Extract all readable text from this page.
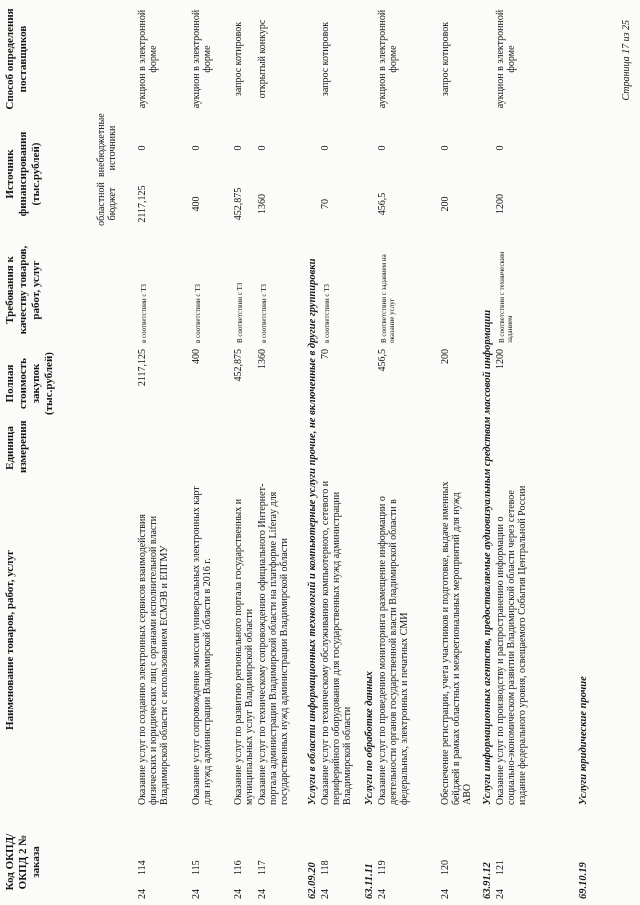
Код ОКПД/ ОКПД 2 № заказа
Наименование товаров, работ, услуг
Единица измерения
Полная стоимость закупок (тыс.рублей)
Требования к качеству товаров, работ, услуг
Источник финансирования (тыс.рублей)	областной бюджет
внебюджетные источники
Способ определения поставщиков
24
114
Оказание услуг по созданию электронных сервисов взаимодействия физических и юридических лиц с органами исполнительной власти Владимирской области с использованием ЕСМЭВ и ЕПГМУ
2117,125
в соответствии с ТЗ
2117,125
0
аукцион в электронной форме
24
115
Оказание услуг сопровождение эмиссии универсальных электронных карт для нужд администрации Владимирской области в 2016 г.
400
в соответствии с ТЗ
400
0
аукцион в электронной форме
24
116
Оказание услуг по развитию регионального портала государственных и муниципальных услуг Владимирской области
452,875
В соответствии с ТЗ
452,875
0
запрос котировок
24
117
Оказание услуг по техническому сопровождению официального Интернет-портала администрации Владимирской области на платформе Liferay для государственных нужд администрации Владимирской области
1360
в соответствии с ТЗ
1360
0
открытый конкурс
62.09.20
Услуги в области информационных технологий и компьютерные услуги прочие, не включенные в другие группировки
24
118
Оказание услуг по техническому обслуживанию компьютерного, сетевого и периферийного оборудования для государственных нужд администрации Владимирской области
70
в соответствии с ТЗ
70
0
запрос котировок
63.11.11
Услуги по обработке данных
24
119
Оказание услуг по проведению мониторинга размещение информации о деятельности органов государственной власти Владимирской области в федеральных, электронных и печатных СМИ
456,5
В соответствии с заданием на оказание услуг
456,5
0
аукцион в электронной форме
24
120
Обеспечение регистрации, учета участников и подготовке, выдаче именных бейджей в рамках областных и межрегиональных мероприятий для нужд АВО
200
200
0
запрос котировок
63.91.12
Услуги информационных агентств, предоставляемые аудиовизуальным средствам массовой информации
24
121
Оказание услуг по производству и распространению информации о социально-экономическом развитии Владимирской области через сетевое издание федерального уровня, освещаемого События Центральной России
1200
В соответствии с техническим заданием
1200
0
аукцион в электронной форме
69.10.19
Услуги юридические прочие
Страница 17 из 25
